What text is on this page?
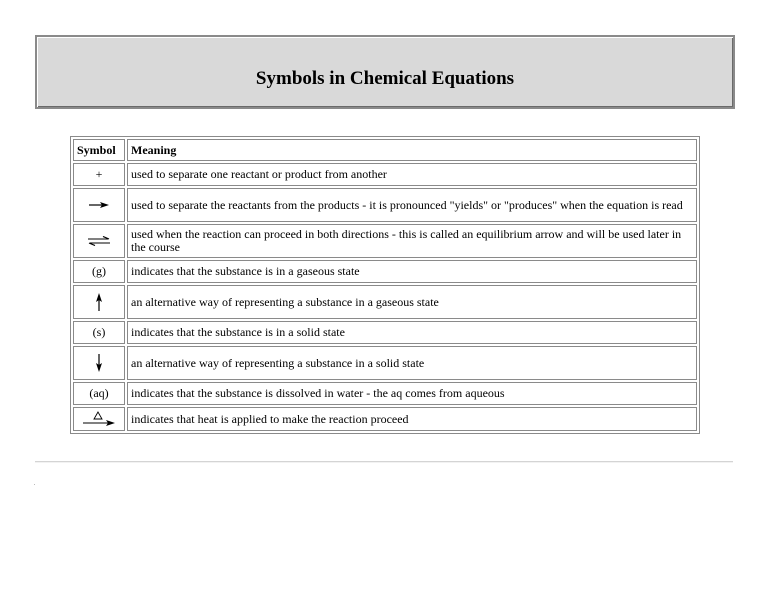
Symbols in Chemical Equations
Symbol	Meaning
+	used to separate one reactant or product from another

	used to separate the reactants from the products - it is pronounced "yields" or "produces" when the equation is read

	used when the reaction can proceed in both directions - this is called an equilibrium arrow and will be used later in the course
(g)	indicates that the substance is in a gaseous state

	an alternative way of representing a substance in a gaseous state
(s)	indicates that the substance is in a solid state

	an alternative way of representing a substance in a solid state
(aq)	indicates that the substance is dissolved in water - the aq comes from aqueous

	indicates that heat is applied to make the reaction proceed
